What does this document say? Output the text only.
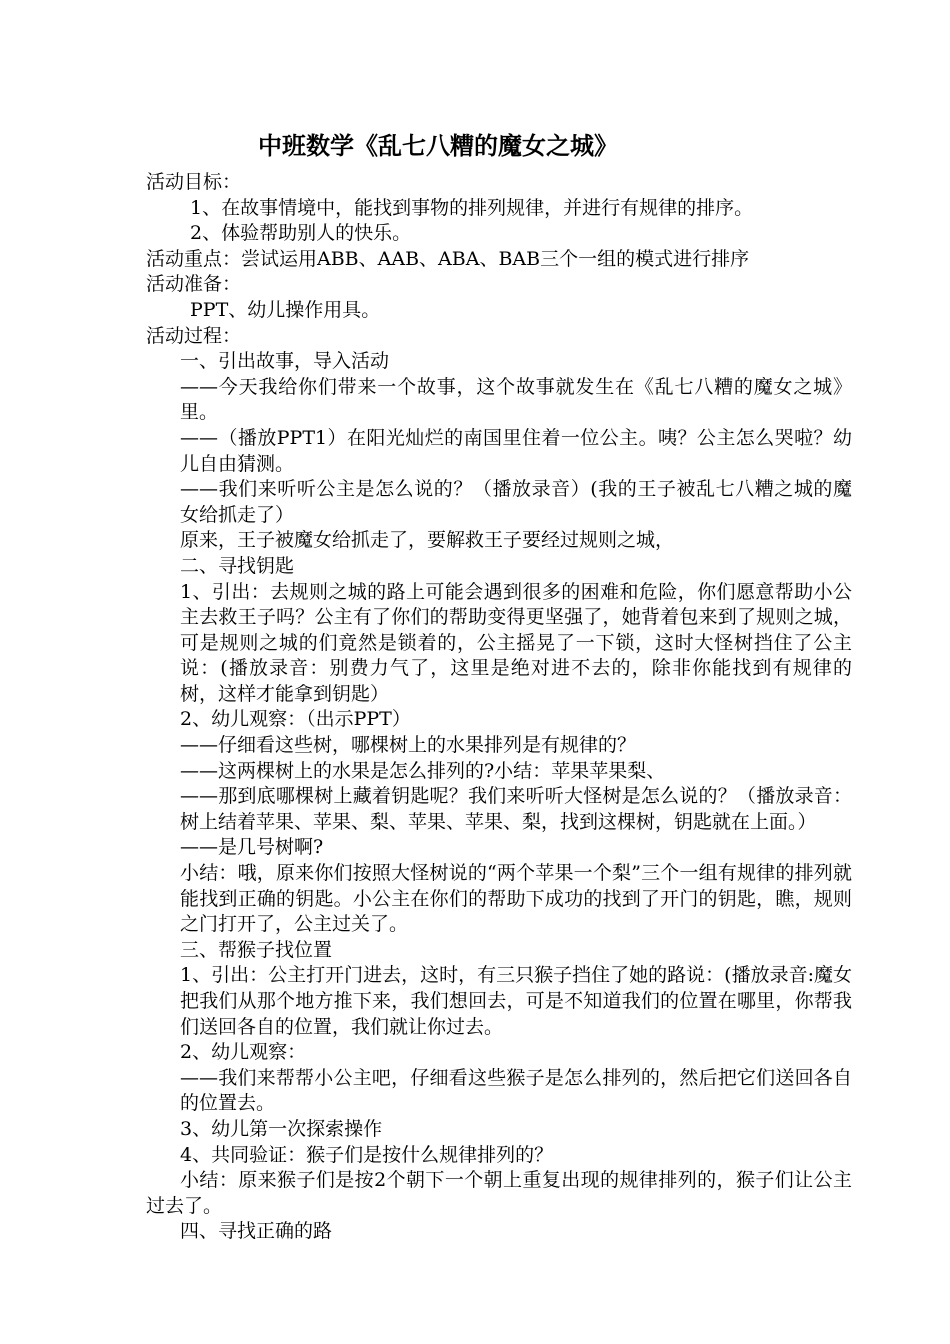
中班数学《乱七八糟的魔女之城》
活动目标：
1、在故事情境中，能找到事物的排列规律，并进行有规律的排序。
2、体验帮助别人的快乐。
活动重点：尝试运用ABB、AAB、ABA、BAB三个一组的模式进行排序
活动准备：
PPT、幼儿操作用具。
活动过程：
一、引出故事，导入活动
——今天我给你们带来一个故事，这个故事就发生在《乱七八糟的魔女之城》里。
——（播放PPT1）在阳光灿烂的南国里住着一位公主。咦？公主怎么哭啦？幼儿自由猜测。
——我们来听听公主是怎么说的？（播放录音）(我的王子被乱七八糟之城的魔女给抓走了）
原来，王子被魔女给抓走了，要解救王子要经过规则之城，
二、寻找钥匙
1、引出：去规则之城的路上可能会遇到很多的困难和危险，你们愿意帮助小公主去救王子吗？公主有了你们的帮助变得更坚强了，她背着包来到了规则之城，可是规则之城的们竟然是锁着的，公主摇晃了一下锁，这时大怪树挡住了公主说：(播放录音：别费力气了，这里是绝对进不去的，除非你能找到有规律的树，这样才能拿到钥匙）
2、幼儿观察：（出示PPT）
——仔细看这些树，哪棵树上的水果排列是有规律的？
——这两棵树上的水果是怎么排列的?小结：苹果苹果梨、
——那到底哪棵树上藏着钥匙呢？我们来听听大怪树是怎么说的？（播放录音：树上结着苹果、苹果、梨、苹果、苹果、梨，找到这棵树，钥匙就在上面。）
——是几号树啊?
小结：哦，原来你们按照大怪树说的“两个苹果一个梨”三个一组有规律的排列就能找到正确的钥匙。小公主在你们的帮助下成功的找到了开门的钥匙，瞧，规则之门打开了，公主过关了。
三、帮猴子找位置
1、引出：公主打开门进去，这时，有三只猴子挡住了她的路说：(播放录音:魔女把我们从那个地方推下来，我们想回去，可是不知道我们的位置在哪里，你帮我们送回各自的位置，我们就让你过去。
2、幼儿观察：
——我们来帮帮小公主吧，仔细看这些猴子是怎么排列的，然后把它们送回各自的位置去。
3、幼儿第一次探索操作
4、共同验证：猴子们是按什么规律排列的？
小结：原来猴子们是按2个朝下一个朝上重复出现的规律排列的，猴子们让公主过去了。
四、寻找正确的路
